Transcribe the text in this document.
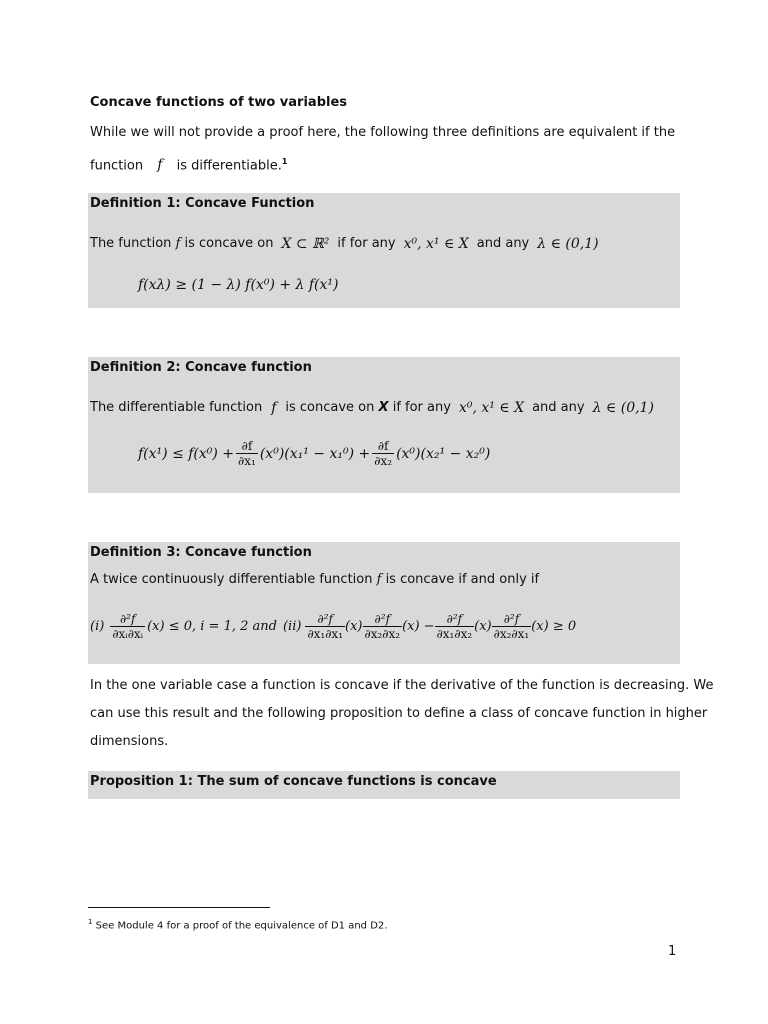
Concave functions of two variables
While we will not provide a proof here, the following three definitions are equivalent if the
function f is differentiable.$^1$
Definition 1: Concave Function
The function
f
is concave on X ⊂ ℝ² if for any x⁰, x¹ ∈ X and any λ ∈ (0,1)
f(xλ) ≥ (1 − λ) f(x⁰) + λ f(x¹)
Definition 2: Concave function
The differentiable function f is concave on
X
if for any x⁰, x¹ ∈ X and any λ ∈ (0,1)
$f(x^1) \le f(x^0) + \frac{\partial f}{\text{∂x₁}} (x^0)(x_1^1 - x_1^0) + \frac{\partial f}{\text{∂x₂}} (x^0)(x_2^1 - x_2^0)$
Definition 3: Concave function
A twice continuously differentiable function f is concave if and only if
$(i) \frac{\text{∂²f}}{\text{∂xᵢ∂xᵢ}} (x) \le 0$, i = 1, 2 and $(ii) \frac{\text{∂²f}}{\text{∂x₁∂x₁}} (x) \frac{\text{∂²f}}{\text{∂x₂∂x₂}} (x) - \frac{\text{∂²f}}{\text{∂x₁∂x₂}} (x) \frac{\text{∂²f}}{\text{∂x₂∂x₁}} (x) \ge 0$
In the one variable case a function is concave if the derivative of the function is decreasing. We
can use this result and the following proposition to define a class of concave function in higher
dimensions.
Proposition 1: The sum of concave functions is concave
$^1$ See Module 4 for a proof of the equivalence of D1 and D2.
1
